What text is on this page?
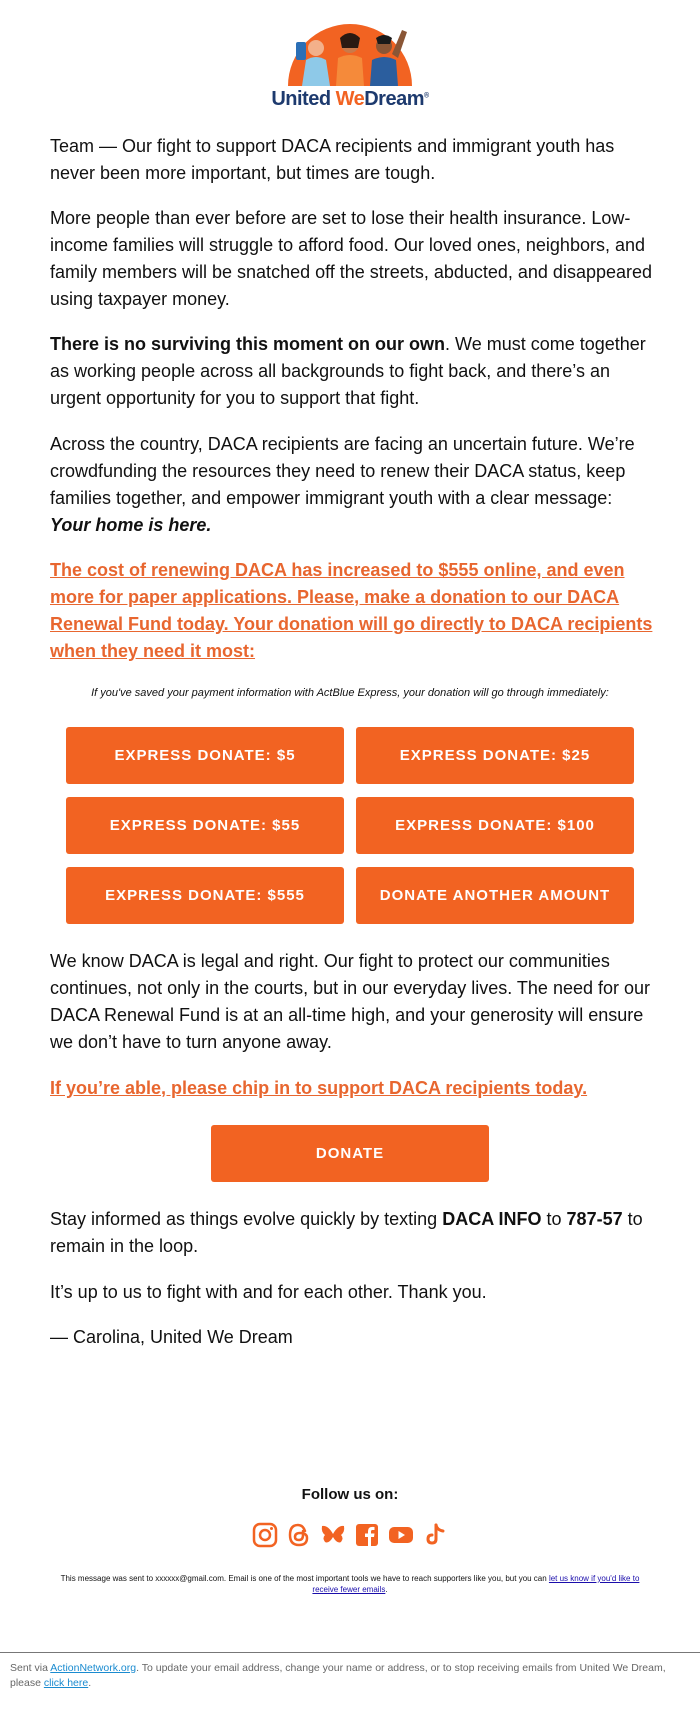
United WeDream®

Team — Our fight to support DACA recipients and immigrant youth has never been more important, but times are tough.

More people than ever before are set to lose their health insurance. Low-income families will struggle to afford food. Our loved ones, neighbors, and family members will be snatched off the streets, abducted, and disappeared using taxpayer money.

There is no surviving this moment on our own. We must come together as working people across all backgrounds to fight back, and there’s an urgent opportunity for you to support that fight.

Across the country, DACA recipients are facing an uncertain future. We’re crowdfunding the resources they need to renew their DACA status, keep families together, and empower immigrant youth with a clear message:
Your home is here.

The cost of renewing DACA has increased to $555 online, and even more for paper applications. Please, make a donation to our DACA Renewal Fund today. Your donation will go directly to DACA recipients when they need it most:

If you've saved your payment information with ActBlue Express, your donation will go through immediately:
EXPRESS DONATE: $5	EXPRESS DONATE: $25
EXPRESS DONATE: $55	EXPRESS DONATE: $100
EXPRESS DONATE: $555	DONATE ANOTHER AMOUNT

We know DACA is legal and right. Our fight to protect our communities continues, not only in the courts, but in our everyday lives. The need for our DACA Renewal Fund is at an all-time high, and your generosity will ensure we don’t have to turn anyone away.

If you’re able, please chip in to support DACA recipients today.

DONATE

Stay informed as things evolve quickly by texting DACA INFO to 787-57 to remain in the loop.

It’s up to us to fight with and for each other. Thank you.

— Carolina, United We Dream

Follow us on:
This message was sent to xxxxxx@gmail.com. Email is one of the most important tools we have to reach supporters like you, but you can let us know if you'd like to receive fewer emails.
Sent via ActionNetwork.org. To update your email address, change your name or address, or to stop receiving emails from United We Dream, please click here.
